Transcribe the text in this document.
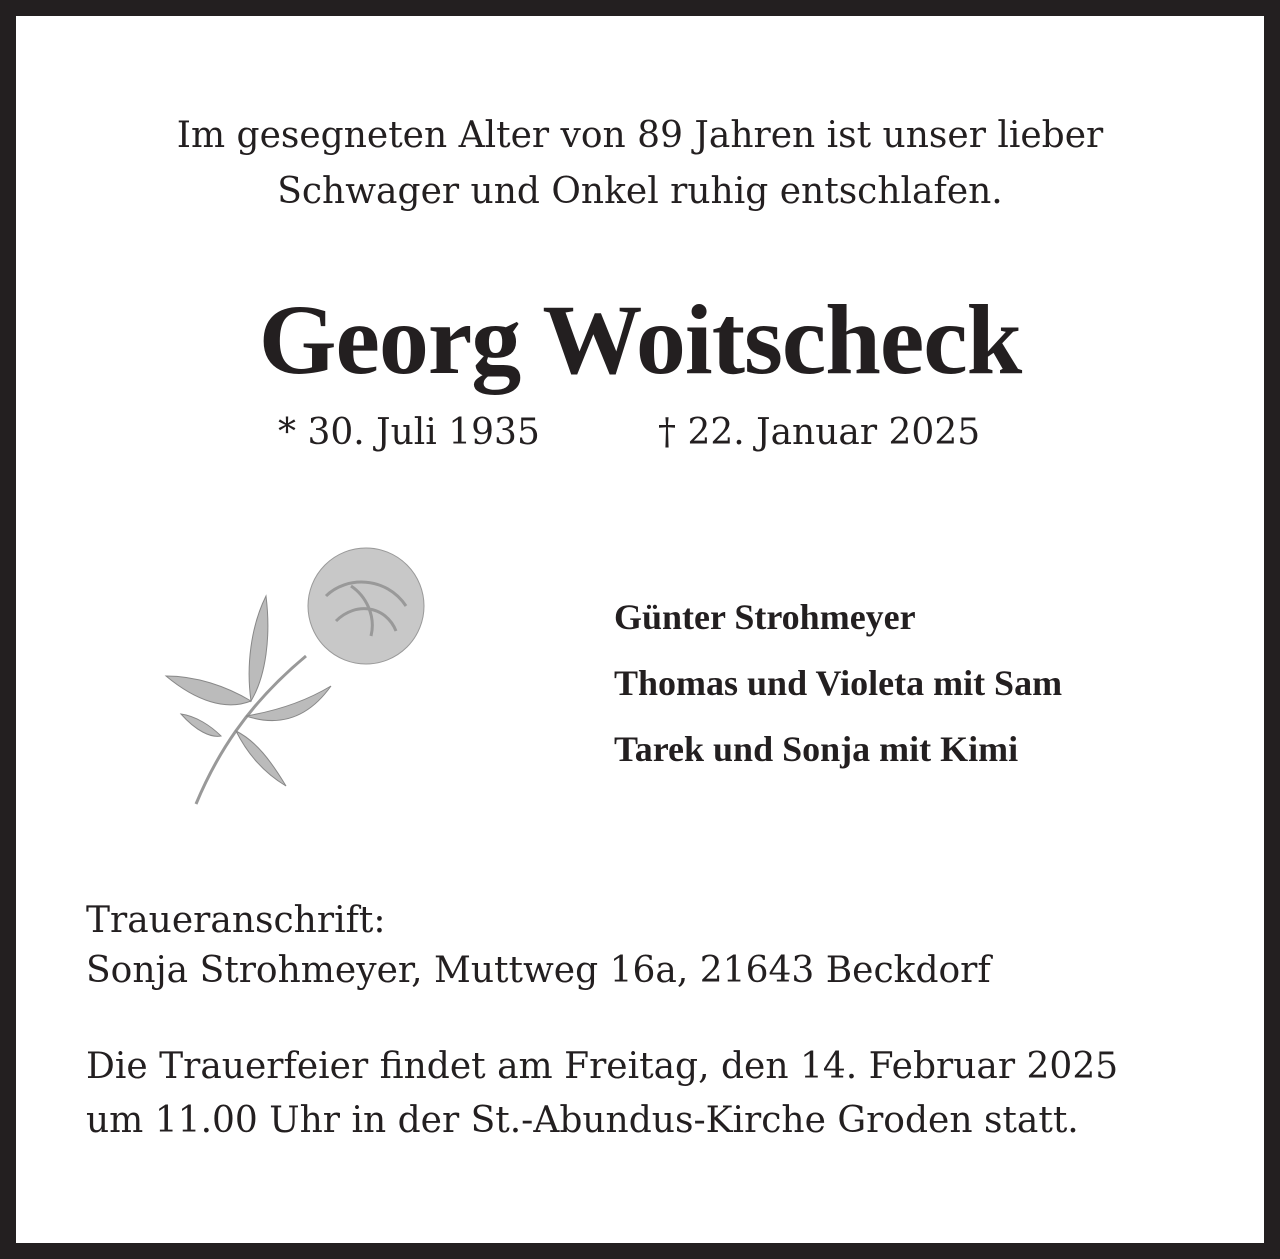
Im gesegneten Alter von 89 Jahren ist unser lieber
Schwager und Onkel ruhig entschlafen.
Georg Woitscheck
* 30. Juli 1935	† 22. Januar 2025
Günter Strohmeyer
Thomas und Violeta mit Sam
Tarek und Sonja mit Kimi
Traueranschrift:
Sonja Strohmeyer, Muttweg 16a, 21643 Beckdorf
Die Trauerfeier findet am Freitag, den 14. Februar 2025
um 11.00 Uhr in der St.-Abundus-Kirche Groden statt.
